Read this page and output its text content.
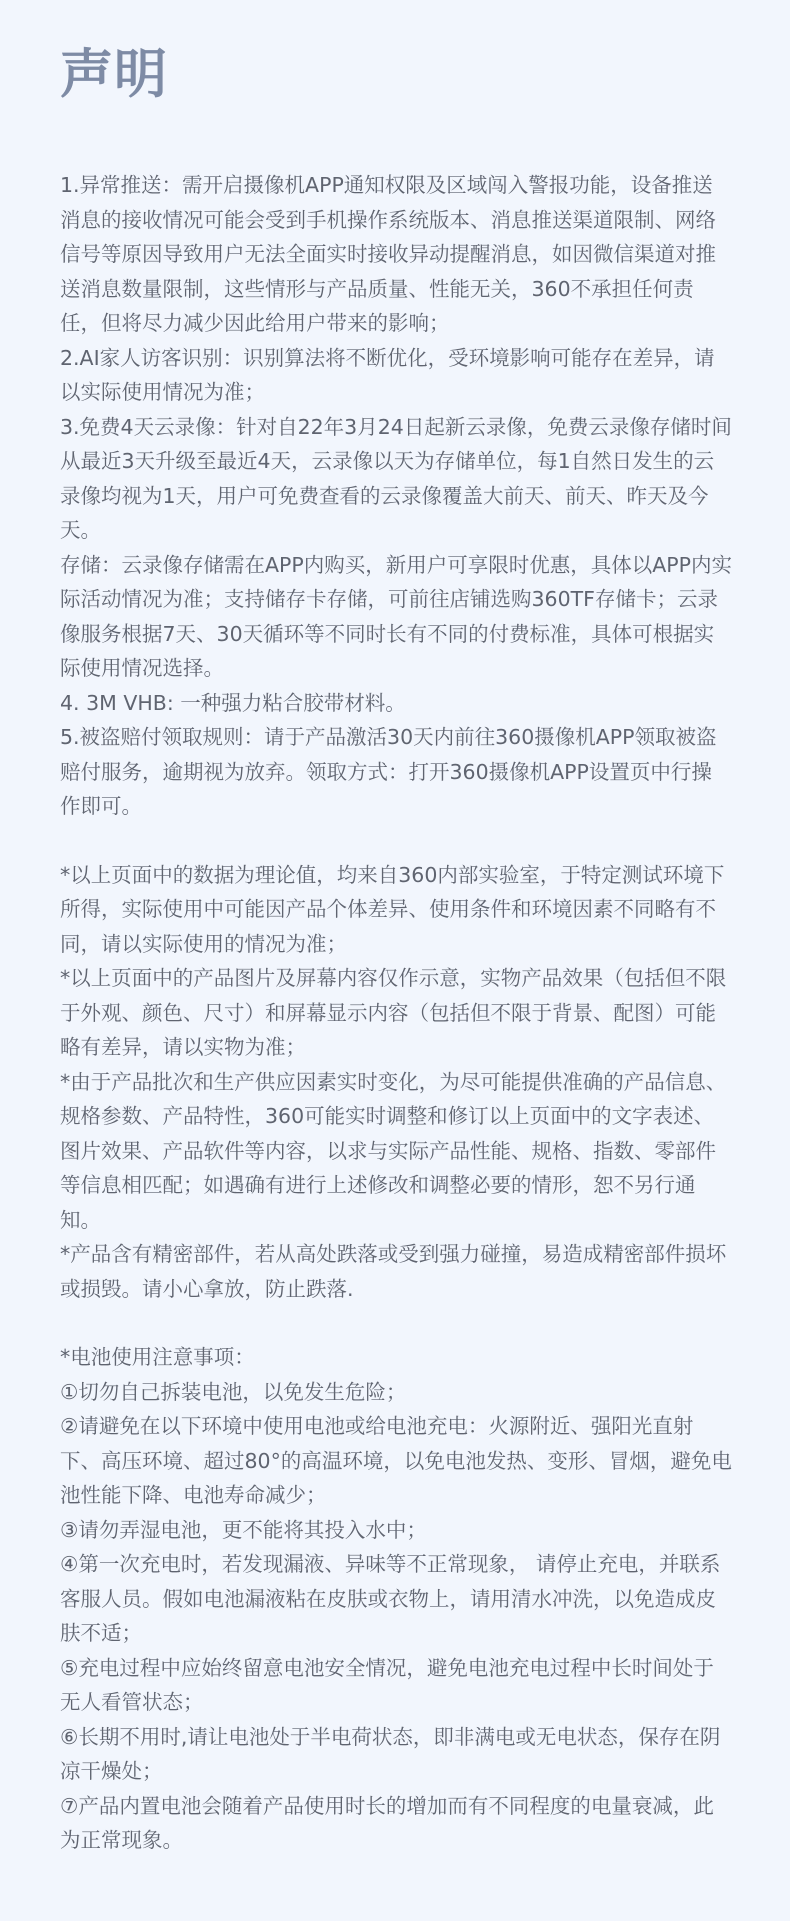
声明

1.异常推送：需开启摄像机APP通知权限及区域闯入警报功能，设备推送消息的接收情况可能会受到手机操作系统版本、消息推送渠道限制、网络信号等原因导致用户无法全面实时接收异动提醒消息，如因微信渠道对推送消息数量限制，这些情形与产品质量、性能无关，360不承担任何责任，但将尽力减少因此给用户带来的影响；

2.AI家人访客识别：识别算法将不断优化，受环境影响可能存在差异，请以实际使用情况为准；

3.免费4天云录像：针对自22年3月24日起新云录像，免费云录像存储时间从最近3天升级至最近4天，云录像以天为存储单位，每1自然日发生的云录像均视为1天，用户可免费查看的云录像覆盖大前天、前天、昨天及今天。

存储：云录像存储需在APP内购买，新用户可享限时优惠，具体以APP内实际活动情况为准；支持储存卡存储，可前往店铺选购360TF存储卡；云录像服务根据7天、30天循环等不同时长有不同的付费标准，具体可根据实际使用情况选择。

4. 3M VHB: 一种强力粘合胶带材料。

5.被盗赔付领取规则：请于产品激活30天内前往360摄像机APP领取被盗赔付服务，逾期视为放弃。领取方式：打开360摄像机APP设置页中行操作即可。

*以上页面中的数据为理论值，均来自360内部实验室，于特定测试环境下所得，实际使用中可能因产品个体差异、使用条件和环境因素不同略有不同，请以实际使用的情况为准；

*以上页面中的产品图片及屏幕内容仅作示意，实物产品效果（包括但不限于外观、颜色、尺寸）和屏幕显示内容（包括但不限于背景、配图）可能略有差异，请以实物为准；

*由于产品批次和生产供应因素实时变化，为尽可能提供准确的产品信息、规格参数、产品特性，360可能实时调整和修订以上页面中的文字表述、图片效果、产品软件等内容，以求与实际产品性能、规格、指数、零部件等信息相匹配；如遇确有进行上述修改和调整必要的情形，恕不另行通知。

*产品含有精密部件，若从高处跌落或受到强力碰撞，易造成精密部件损坏或损毁。请小心拿放，防止跌落.

*电池使用注意事项：

①切勿自己拆装电池，以免发生危险；

②请避免在以下环境中使用电池或给电池充电：火源附近、强阳光直射下、高压环境、超过80°的高温环境，以免电池发热、变形、冒烟，避免电池性能下降、电池寿命减少；

③请勿弄湿电池，更不能将其投入水中；

④第一次充电时，若发现漏液、异味等不正常现象， 请停止充电，并联系客服人员。假如电池漏液粘在皮肤或衣物上，请用清水冲洗，以免造成皮肤不适；

⑤充电过程中应始终留意电池安全情况，避免电池充电过程中长时间处于无人看管状态；

⑥长期不用时,请让电池处于半电荷状态，即非满电或无电状态，保存在阴凉干燥处；

⑦产品内置电池会随着产品使用时长的增加而有不同程度的电量衰减，此为正常现象。
